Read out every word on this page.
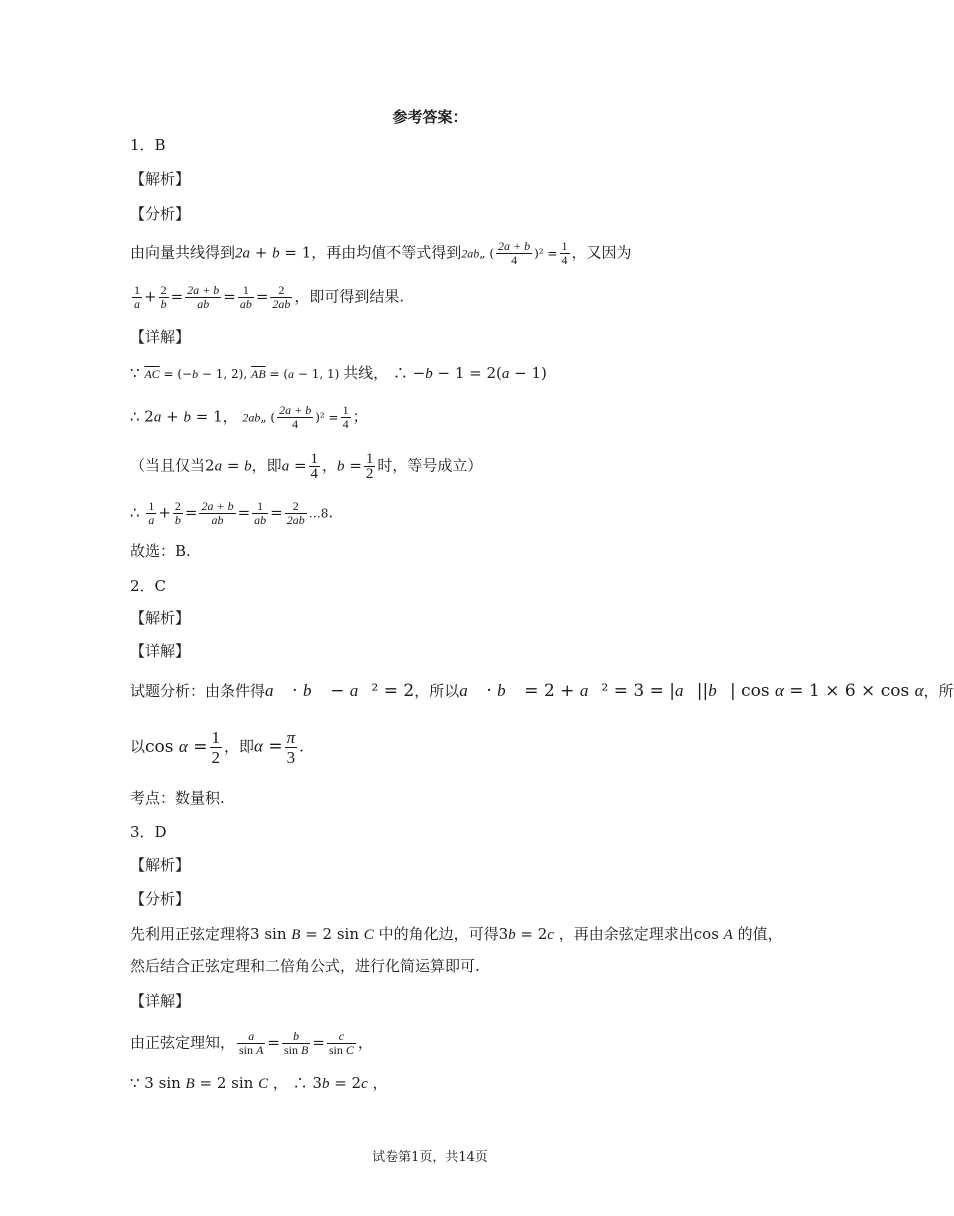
参考答案：
1．B
【解析】
【分析】
由向量共线得到2a + b = 1，再由均值不等式得到2ab„ ( $\frac{2a + b}{4} )^2 = \frac{1}{4}$ ，又因为
$\frac{1}{a} + \frac{2}{b} = \frac{2a + b}{ab} = \frac{1}{ab} = \frac{2}{2ab}$ ，即可得到结果.
【详解】
∵ $\overline{AC} = (-b - 1$, 2), $\overline{AB} = (a - 1$, 1) 共线， ∴ −b − 1 = 2(a − 1)
∴ 2a + b = 1， 2ab„ ( $\frac{2a + b}{4} )^2 = \frac{1}{4}$ ；
（当且仅当2a = b，即$a = \frac{1}{4}$ ，$b = \frac{1}{2}$ 时，等号成立）
∴ $\frac{1}{a} + \frac{2}{b} = \frac{2a + b}{ab} = \frac{1}{ab} = \frac{2}{2ab}$ …8.
故选：B.
2．C
【解析】
【详解】
试题分析：由条件得a⃗ · b⃗ − a⃗² = 2，所以a⃗ · b⃗ = 2 + a⃗² = 3 = |a⃗||b⃗| cos α = 1 × 6 × cos α，所
以$\cos \alpha = \frac{1}{2}$ ，即$\alpha = \frac{\pi}{3}$ .
考点：数量积.
3．D
【解析】
【分析】
先利用正弦定理将3 sin B = 2 sin C 中的角化边，可得3b = 2c ，再由余弦定理求出cos A 的值，
然后结合正弦定理和二倍角公式，进行化简运算即可.
【详解】
由正弦定理知， $\frac{a}{\text{sin A}} = \frac{b}{\text{sin B}} = \frac{c}{\text{sin C}}$ ，
∵ 3 sin B = 2 sin C ， ∴ 3b = 2c ，
试卷第1页，共14页
